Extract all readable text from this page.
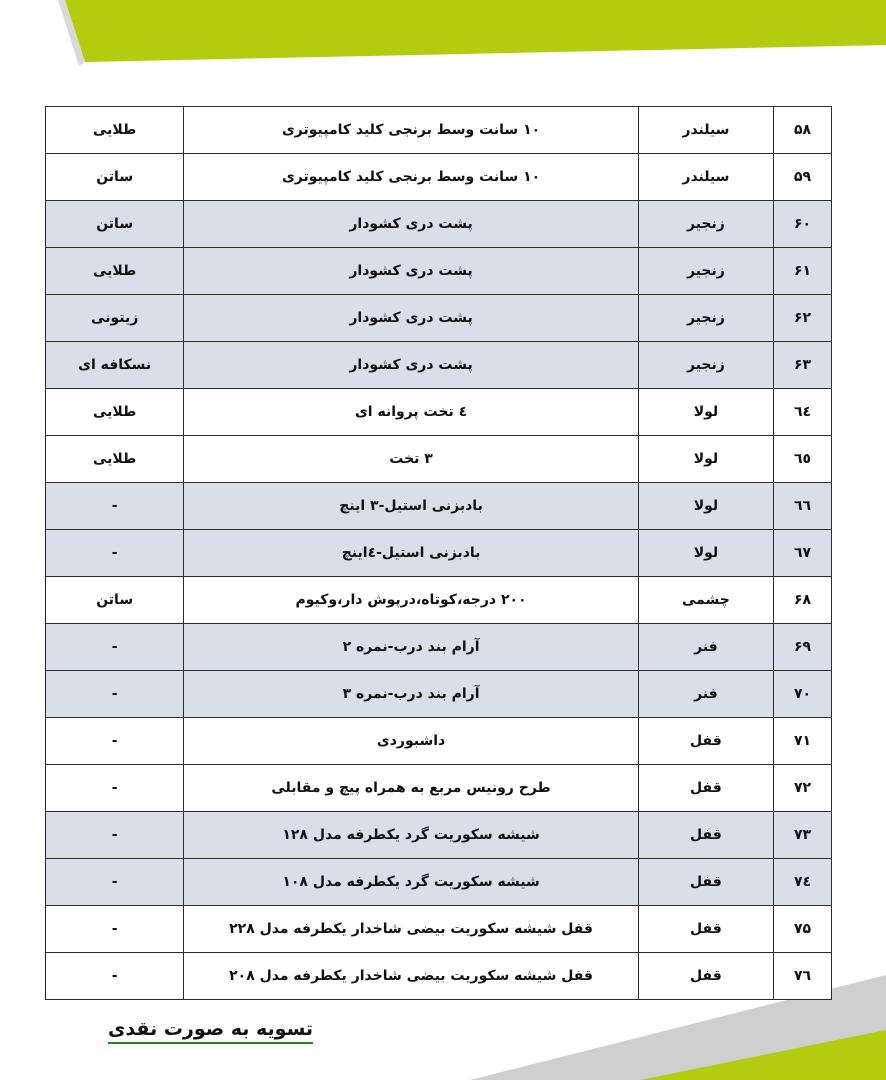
۵۸	سیلندر	۱۰ سانت وسط برنجی کلید کامپیوتری	طلایی
۵۹	سیلندر	۱۰ سانت وسط برنجی کلید کامپیوتری	ساتن
۶۰	زنجیر	پشت دری کشودار	ساتن
۶۱	زنجیر	پشت دری کشودار	طلایی
۶۲	زنجیر	پشت دری کشودار	زیتونی
۶۳	زنجیر	پشت دری کشودار	نسکافه ای
٦٤	لولا	٤ تخت پروانه ای	طلایی
٦٥	لولا	۳ تخت	طلایی
٦٦	لولا	بادبزنی استیل-۳ اینچ	-
٦٧	لولا	بادبزنی استیل-٤اینچ	-
۶۸	چشمی	۲۰۰ درجه،کوتاه،درپوش دار،وکیوم	ساتن
۶۹	فنر	آرام بند درب-نمره ۲	-
۷۰	فنر	آرام بند درب-نمره ۳	-
۷۱	قفل	داشبوردی	-
۷۲	قفل	طرح رونیس مربع به همراه پیچ و مقابلی	-
۷۳	قفل	شیشه سکوریت گرد یکطرفه مدل ۱۲۸	-
٧٤	قفل	شیشه سکوریت گرد یکطرفه مدل ۱۰۸	-
۷۵	قفل	قفل شیشه سکوریت بیضی شاخدار یکطرفه مدل ۲۲۸	-
٧٦	قفل	قفل شیشه سکوریت بیضی شاخدار یکطرفه مدل ۲۰۸	-
تسویه به صورت نقدی
